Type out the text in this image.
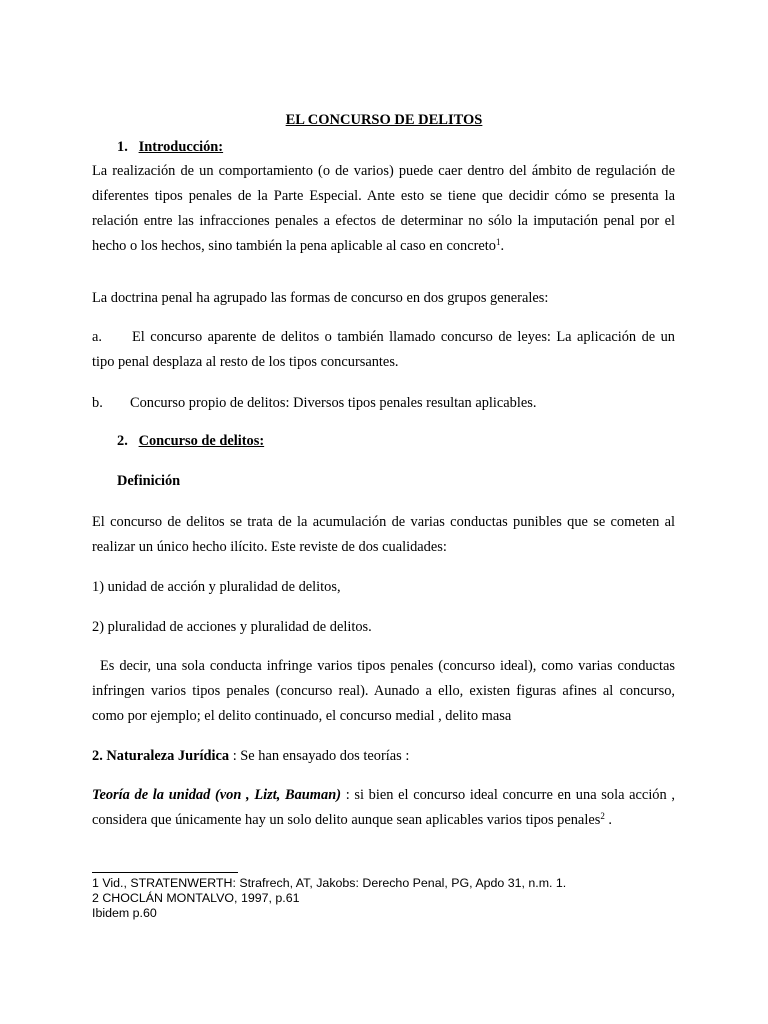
EL CONCURSO DE DELITOS
1. Introducción:
La realización de un comportamiento (o de varios) puede caer dentro del ámbito de regulación de diferentes tipos penales de la Parte Especial. Ante esto se tiene que decidir cómo se presenta la relación entre las infracciones penales a efectos de determinar no sólo la imputación penal por el hecho o los hechos, sino también la pena aplicable al caso en concreto$^1$.
La doctrina penal ha agrupado las formas de concurso en dos grupos generales:
a.	El concurso aparente de delitos o también llamado concurso de leyes: La aplicación de un tipo penal desplaza al resto de los tipos concursantes.
b. Concurso propio de delitos: Diversos tipos penales resultan aplicables.
2. Concurso de delitos:
Definición
El concurso de delitos se trata de la acumulación de varias conductas punibles que se cometen al realizar un único hecho ilícito. Este reviste de dos cualidades:
1) unidad de acción y pluralidad de delitos,
2) pluralidad de acciones y pluralidad de delitos.
Es decir, una sola conducta infringe varios tipos penales (concurso ideal), como varias conductas infringen varios tipos penales (concurso real). Aunado a ello, existen figuras afines al concurso, como por ejemplo; el delito continuado, el concurso medial , delito masa
2. Naturaleza Jurídica : Se han ensayado dos teorías :
Teoría de la unidad (von , Lizt, Bauman) : si bien el concurso ideal concurre en una sola acción , considera que únicamente hay un solo delito aunque sean aplicables varios tipos penales$^2$ .
1 Vid., STRATENWERTH: Strafrech, AT, Jakobs: Derecho Penal, PG, Apdo 31, n.m. 1.
2 CHOCLÁN MONTALVO, 1997, p.61
Ibidem p.60
